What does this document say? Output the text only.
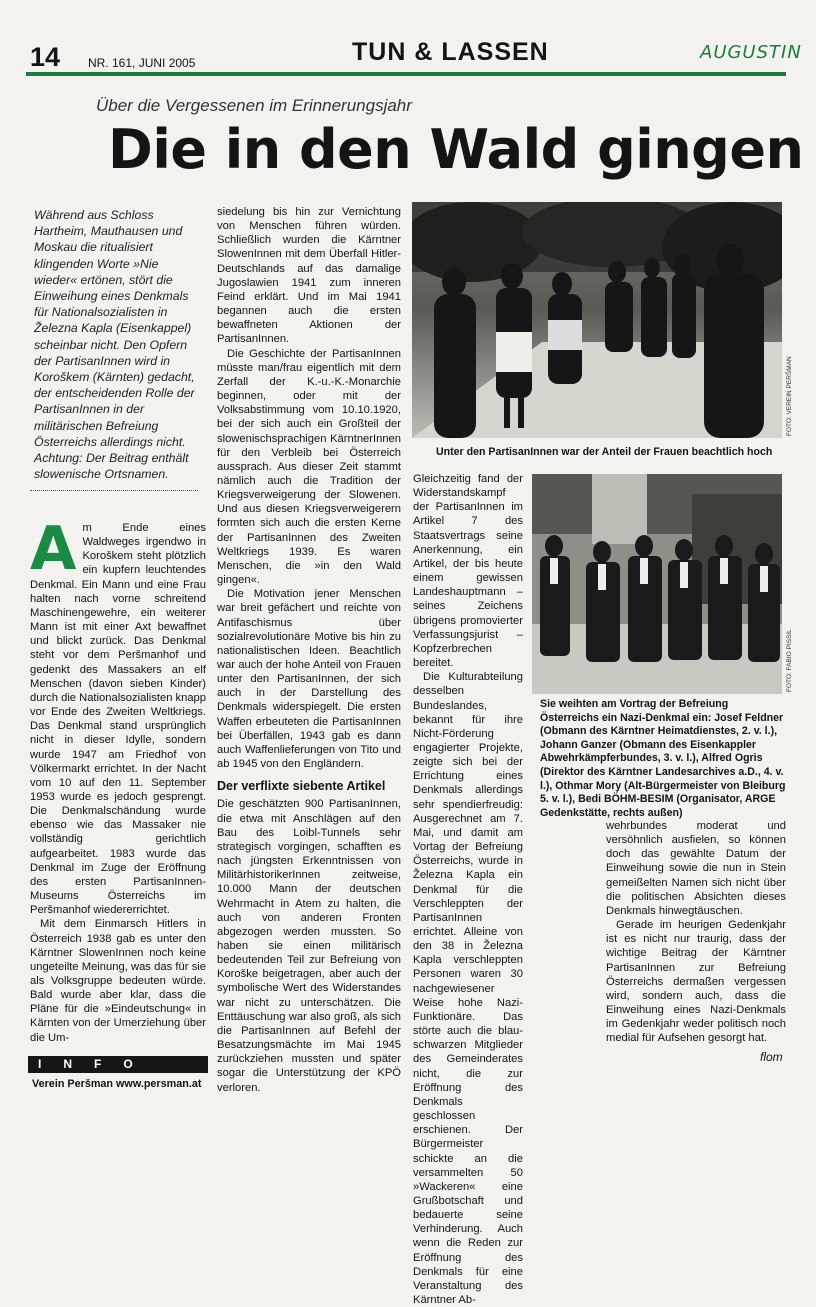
14 NR. 161, JUNI 2005	TUN & LASSEN	AUGUSTIN
Über die Vergessenen im Erinnerungsjahr
Die in den Wald gingen
Während aus Schloss Hartheim, Mauthausen und Moskau die ritualisiert klingenden Worte »Nie wieder« ertönen, stört die Einweihung eines Denkmals für Nationalsozialisten in Železna Kapla (Eisenkappel) scheinbar nicht. Den Opfern der PartisanInnen wird in Koroškem (Kärnten) gedacht, der entscheidenden Rolle der PartisanInnen in der militärischen Befreiung Österreichs allerdings nicht. Achtung: Der Beitrag enthält slowenische Ortsnamen.
A m Ende eines Waldweges irgendwo in Koroškem steht plötzlich ein kupfern leuchtendes Denkmal. Ein Mann und eine Frau halten nach vorne schreitend Maschinengewehre, ein weiterer Mann ist mit einer Axt bewaffnet und blickt zurück. Das Denkmal steht vor dem Peršmanhof und gedenkt des Massakers an elf Menschen (davon sieben Kinder) durch die Nationalsozialisten knapp vor Ende des Zweiten Weltkriegs. Das Denkmal stand ursprünglich nicht in dieser Idylle, sondern wurde 1947 am Friedhof von Völkermarkt errichtet. In der Nacht vom 10 auf den 11. September 1953 wurde es jedoch gesprengt. Die Denkmalschändung wurde ebenso wie das Massaker nie vollständig gerichtlich aufgearbeitet. 1983 wurde das Denkmal im Zuge der Eröffnung des ersten PartisanInnen-Museums Österreichs im Peršmanhof wiedererrichtet.

Mit dem Einmarsch Hitlers in Österreich 1938 gab es unter den Kärntner SlowenInnen noch keine ungeteilte Meinung, was das für sie als Volksgruppe bedeuten würde. Bald wurde aber klar, dass die Pläne für die »Eindeutschung« in Kärnten von der Umerziehung über die Um-

siedelung bis hin zur Vernichtung von Menschen führen würden. Schließlich wurden die Kärntner SlowenInnen mit dem Überfall Hitler-Deutschlands auf das damalige Jugoslawien 1941 zum inneren Feind erklärt. Und im Mai 1941 begannen auch die ersten bewaffneten Aktionen der PartisanInnen.

Die Geschichte der PartisanInnen müsste man/frau eigentlich mit dem Zerfall der K.-u.-K.-Monarchie beginnen, oder mit der Volksabstimmung vom 10.10.1920, bei der sich auch ein Großteil der slowenischsprachigen KärntnerInnen für den Verbleib bei Österreich aussprach. Aus dieser Zeit stammt nämlich auch die Tradition der Kriegsverweigerung der Slowenen. Und aus diesen Kriegsverweigerern formten sich auch die ersten Kerne der PartisanInnen des Zweiten Weltkriegs 1939. Es waren Menschen, die »in den Wald gingen«.

Die Motivation jener Menschen war breit gefächert und reichte von Antifaschismus über sozialrevolutionäre Motive bis hin zu nationalistischen Ideen. Beachtlich war auch der hohe Anteil von Frauen unter den PartisanInnen, der sich auch in der Darstellung des Denkmals widerspiegelt. Die ersten Waffen erbeuteten die PartisanInnen bei Überfällen, 1943 gab es dann auch Waffenlieferungen von Tito und ab 1945 von den Engländern.

Der verflixte siebente Artikel

Die geschätzten 900 PartisanInnen, die etwa mit Anschlägen auf den Bau des Loibl-Tunnels sehr strategisch vorgingen, schafften es nach jüngsten Erkenntnissen von MilitärhistorikerInnen zeitweise, 10.000 Mann der deutschen Wehrmacht in Atem zu halten, die auch von anderen Fronten abgezogen werden mussten. So haben sie einen militärisch bedeutenden Teil zur Befreiung von Koroške beigetragen, aber auch der symbolische Wert des Widerstandes war nicht zu unterschätzen. Die Enttäuschung war also groß, als sich die PartisanInnen auf Befehl der Besatzungsmächte im Mai 1945 zurückziehen mussten und später sogar die Unterstützung der KPÖ verloren.

FOTO: VEREIN PERŠMAN
Unter den PartisanInnen war der Anteil der Frauen beachtlich hoch

Gleichzeitig fand der Widerstandskampf der PartisanInnen im Artikel 7 des Staatsvertrags seine Anerkennung, ein Artikel, der bis heute einem gewissen Landeshauptmann – seines Zeichens übrigens promovierter Verfassungsjurist – Kopfzerbrechen bereitet.

Die Kulturabteilung desselben Bundeslandes, bekannt für ihre Nicht-Förderung engagierter Projekte, zeigte sich bei der Errichtung eines Denkmals allerdings sehr spendierfreudig: Ausgerechnet am 7. Mai, und damit am Vortag der Befreiung Österreichs, wurde in Železna Kapla ein Denkmal für die Verschleppten der PartisanInnen errichtet. Alleine von den 38 in Železna Kapla verschleppten Personen waren 30 nachgewiesener Weise hohe Nazi-Funktionäre. Das störte auch die blau-schwarzen Mitglieder des Gemeinderates nicht, die zur Eröffnung des Denkmals geschlossen erschienen. Der Bürgermeister schickte an die versammelten 50 »Wackeren« eine Grußbotschaft und bedauerte seine Verhinderung. Auch wenn die Reden zur Eröffnung des Denkmals für eine Veranstaltung des Kärntner Ab-

FOTO: FABIO PISSIL
Sie weihten am Vortrag der Befreiung Österreichs ein Nazi-Denkmal ein: Josef Feldner (Obmann des Kärntner Heimatdienstes, 2. v. l.), Johann Ganzer (Obmann des Eisenkappler Abwehrkämpferbundes, 3. v. l.), Alfred Ogris (Direktor des Kärntner Landesarchives a.D., 4. v. l.), Othmar Mory (Alt-Bürgermeister von Bleiburg 5. v. l.), Bedi BÖHM-BESIM (Organisator, ARGE Gedenkstätte, rechts außen)

wehrbundes moderat und versöhnlich ausfielen, so können doch das gewählte Datum der Einweihung sowie die nun in Stein gemeißelten Namen sich nicht über die politischen Absichten dieses Denkmals hinwegtäuschen.

Gerade im heurigen Gedenkjahr ist es nicht nur traurig, dass der wichtige Beitrag der Kärntner PartisanInnen zur Befreiung Österreichs dermaßen vergessen wird, sondern auch, dass die Einweihung eines Nazi-Denkmals im Gedenkjahr weder politisch noch medial für Aufsehen gesorgt hat.

flom
INFO
Verein Peršman www.persman.at
